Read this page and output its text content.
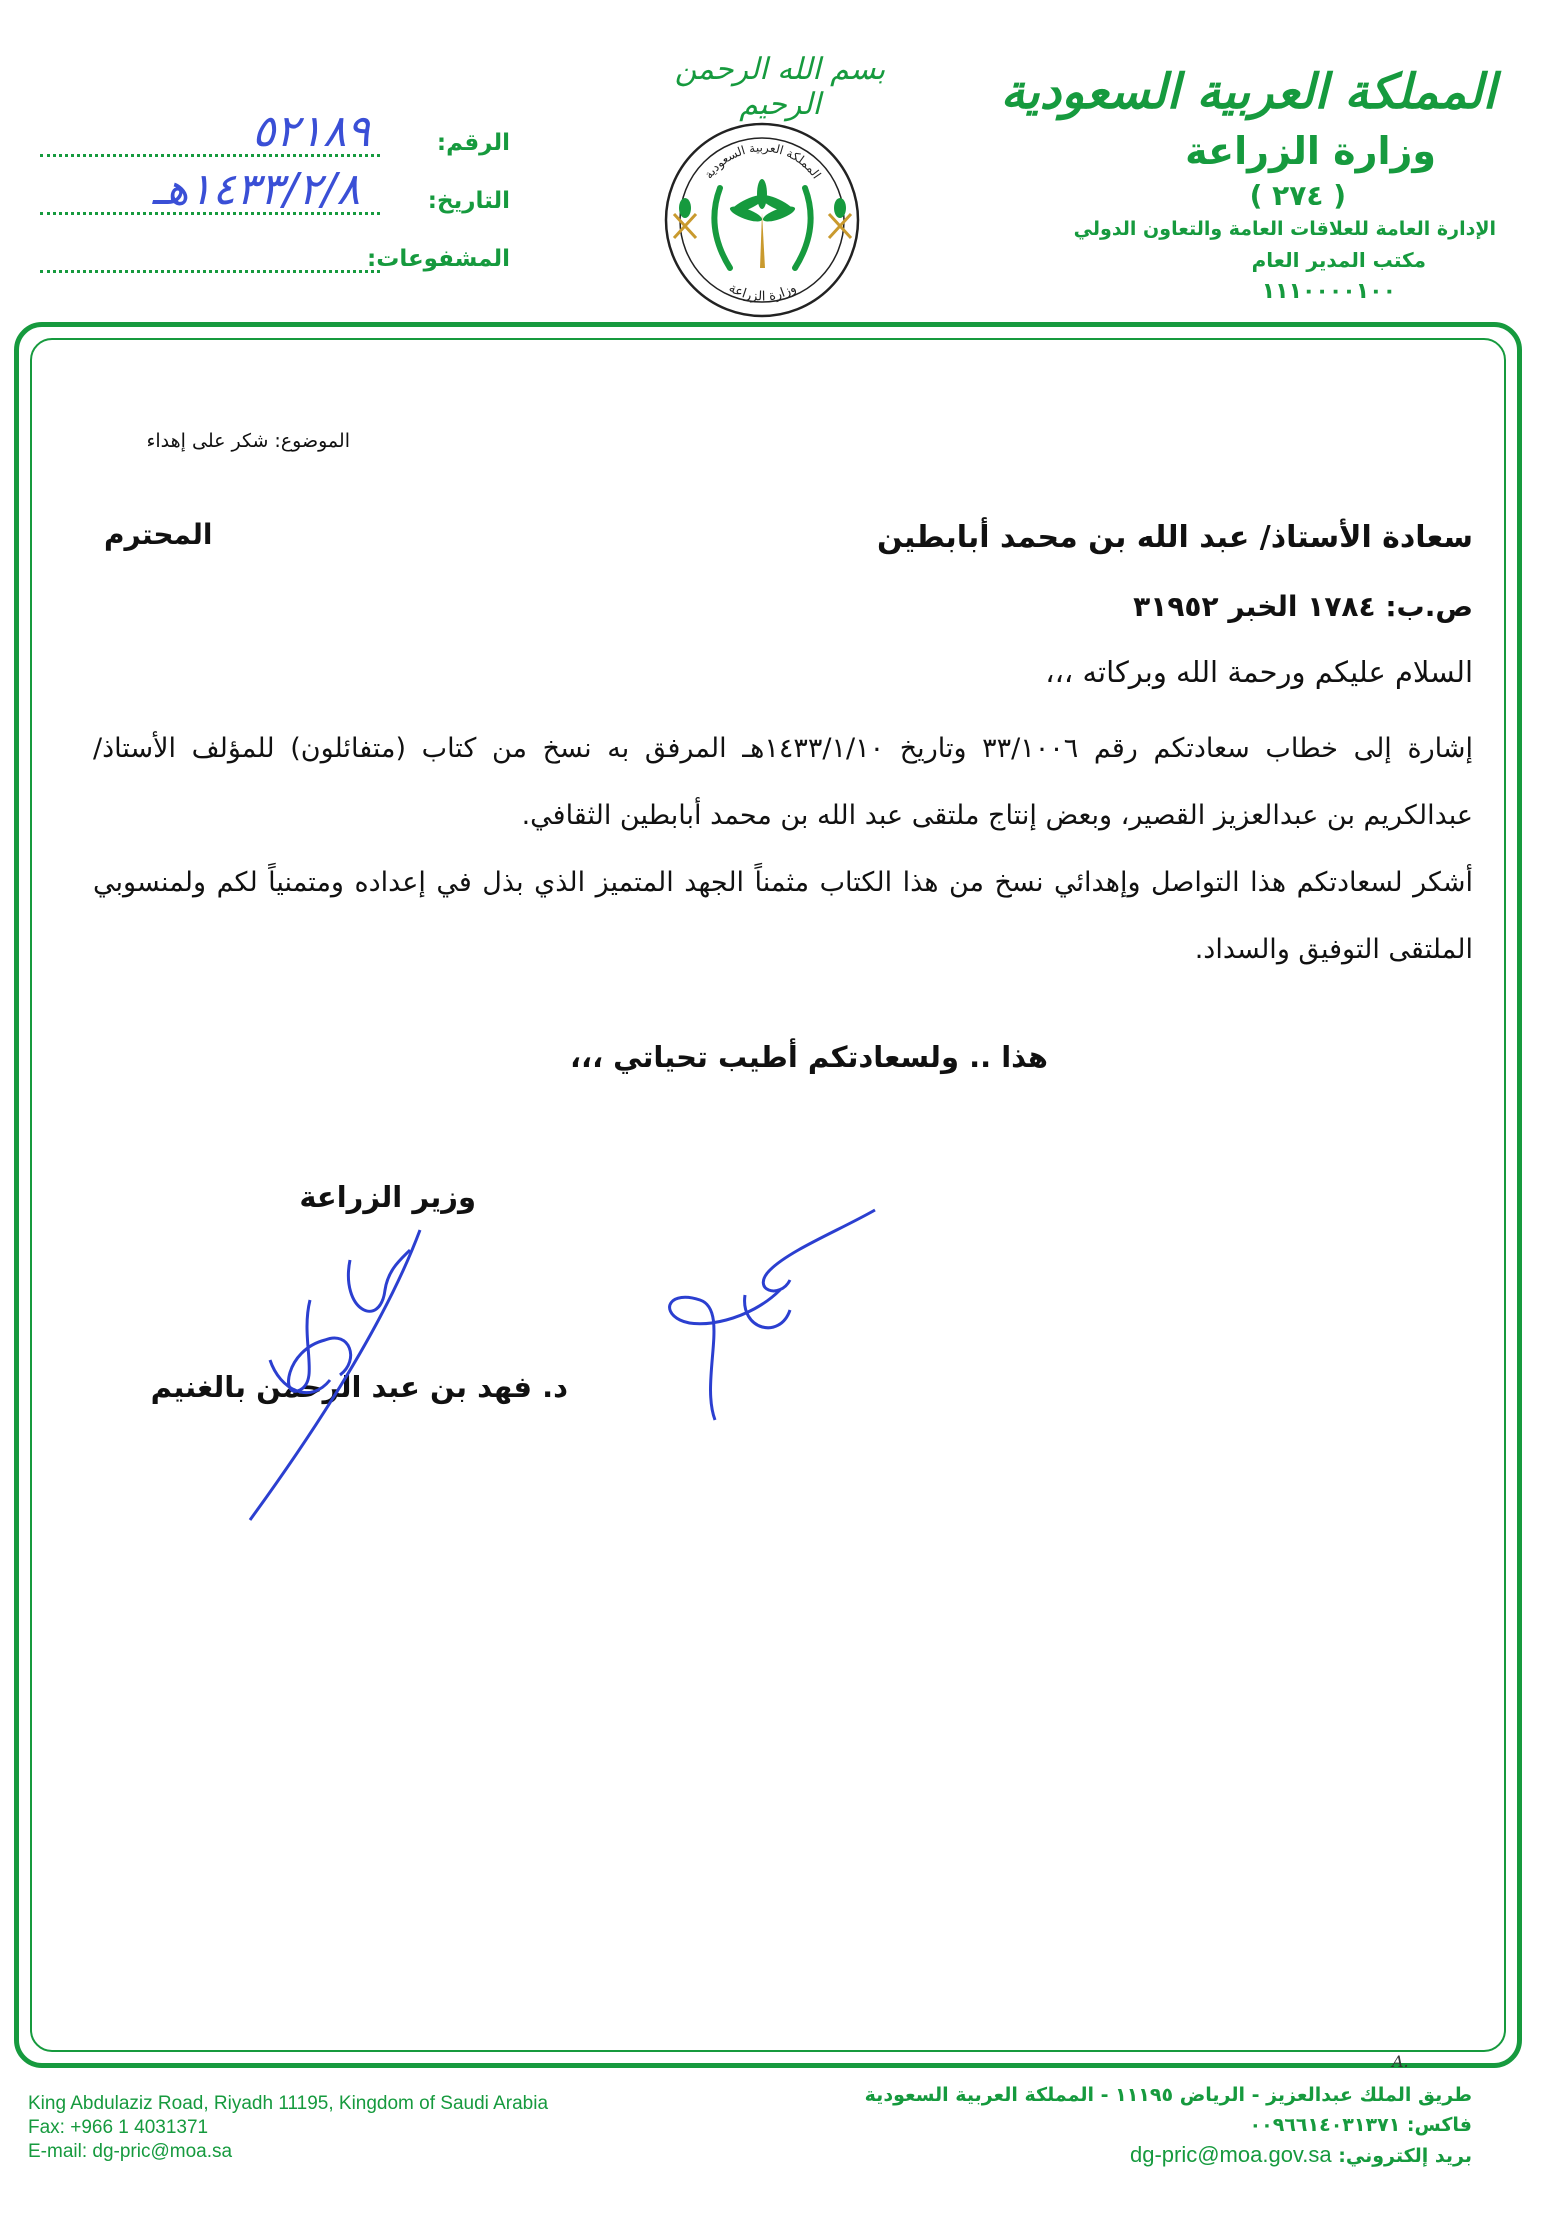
المملكة العربية السعودية
وزارة الزراعة
( ٢٧٤ )
الإدارة العامة للعلاقات العامة والتعاون الدولي
مكتب المدير العام
١١١٠٠٠٠١٠٠
بسم الله الرحمن الرحيم
المملكة العربية السعودية
وزارة الزراعة
الرقم:
٥٢١٨٩
التاريخ:
١٤٣٣/٢/٨هـ
المشفوعات:
الموضوع: شكر على إهداء
سعادة الأستاذ/ عبد الله بن محمد أبابطين
المحترم
ص.ب: ١٧٨٤ الخبر ٣١٩٥٢
السلام عليكم ورحمة الله وبركاته ،،،

إشارة إلى خطاب سعادتكم رقم ٣٣/١٠٠٦ وتاريخ ١٤٣٣/١/١٠هـ المرفق به نسخ من كتاب (متفائلون) للمؤلف الأستاذ/ عبدالكريم بن عبدالعزيز القصير، وبعض إنتاج ملتقى عبد الله بن محمد أبابطين الثقافي.

أشكر لسعادتكم هذا التواصل وإهدائي نسخ من هذا الكتاب مثمناً الجهد المتميز الذي بذل في إعداده ومتمنياً لكم ولمنسوبي الملتقى التوفيق والسداد.

هذا .. ولسعادتكم أطيب تحياتي ،،،
وزير الزراعة
د. فهد بن عبد الرحمن بالغنيم
محبكم
King Abdulaziz Road, Riyadh 11195, Kingdom of Saudi Arabia
Fax: +966 1 4031371
E-mail: dg-pric@moa.sa
A.
طريق الملك عبدالعزيز - الرياض ١١١٩٥ - المملكة العربية السعودية
فاكس: ٠٠٩٦٦١٤٠٣١٣٧١
بريد إلكتروني: dg-pric@moa.gov.sa
